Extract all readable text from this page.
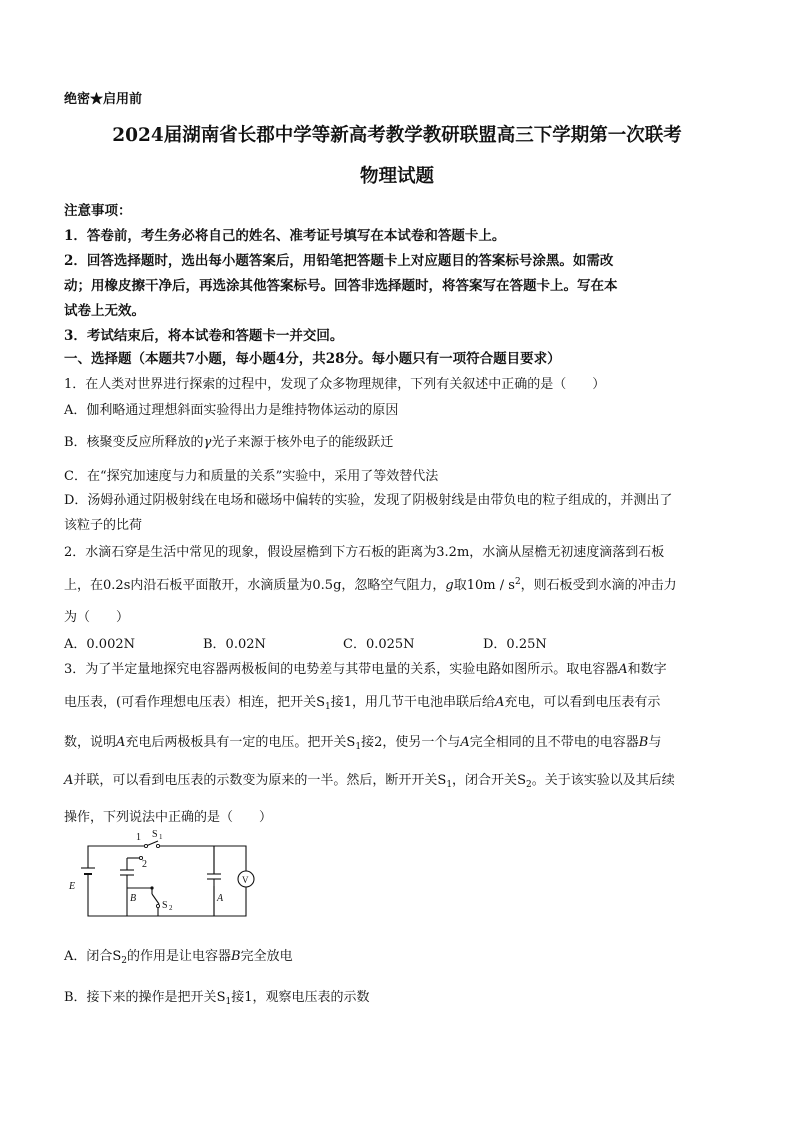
绝密★启用前
2024届湖南省长郡中学等新高考教学教研联盟高三下学期第一次联考
物理试题
注意事项：
1．答卷前，考生务必将自己的姓名、准考证号填写在本试卷和答题卡上。
2．回答选择题时，选出每小题答案后，用铅笔把答题卡上对应题目的答案标号涂黑。如需改
动；用橡皮擦干净后，再选涂其他答案标号。回答非选择题时，将答案写在答题卡上。写在本
试卷上无效。
3．考试结束后，将本试卷和答题卡一并交回。
一、选择题（本题共7小题，每小题4分，共28分。每小题只有一项符合题目要求）
1．在人类对世界进行探索的过程中，发现了众多物理规律，下列有关叙述中正确的是（　　）
A．伽利略通过理想斜面实验得出力是维持物体运动的原因
B．核聚变反应所释放的γ光子来源于核外电子的能级跃迁
C．在“探究加速度与力和质量的关系”实验中，采用了等效替代法
D．汤姆孙通过阴极射线在电场和磁场中偏转的实验，发现了阴极射线是由带负电的粒子组成的，并测出了
该粒子的比荷
2．水滴石穿是生活中常见的现象，假设屋檐到下方石板的距离为3.2m，水滴从屋檐无初速度滴落到石板
上，在0.2s内沿石板平面散开，水滴质量为0.5g，忽略空气阻力，g取$10m / s^2$，则石板受到水滴的冲击力
为（　　）
A．0.002N	B．0.02N	C．0.025N	D．0.25N
3．为了半定量地探究电容器两极板间的电势差与其带电量的关系，实验电路如图所示。取电容器A和数字
电压表，(可看作理想电压表）相连，把开关$S_1$接1，用几节干电池串联后给A充电，可以看到电压表有示
数，说明A充电后两极板具有一定的电压。把开关$S_1$接2，使另一个与A完全相同的且不带电的电容器B与
A并联，可以看到电压表的示数变为原来的一半。然后，断开开关$S_1$，闭合开关$S_2$。关于该实验以及其后续
操作，下列说法中正确的是（　　）
E
1
2
S 1
B
S 2
A
V
A．闭合$S_2$的作用是让电容器B完全放电
B．接下来的操作是把开关$S_1$接1，观察电压表的示数
